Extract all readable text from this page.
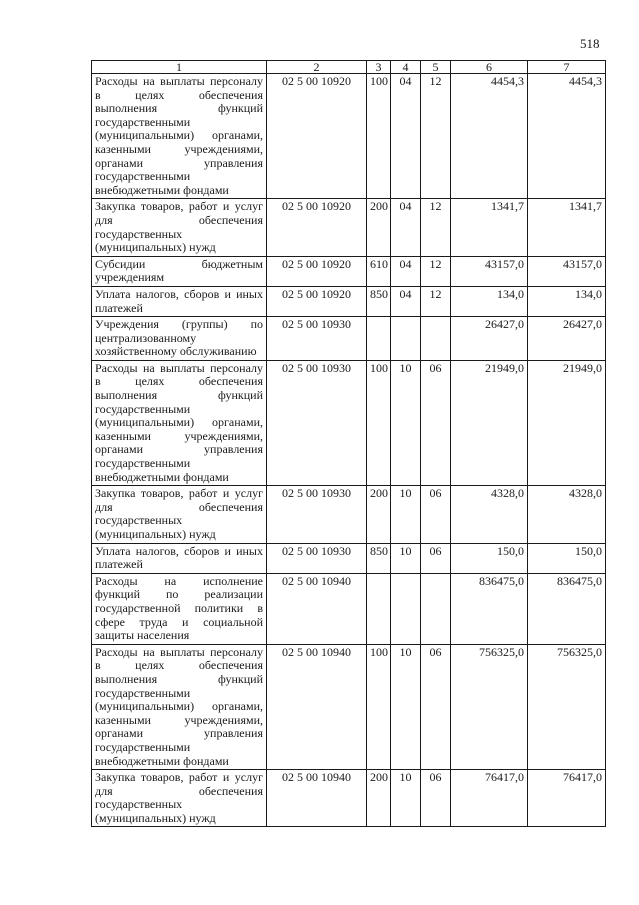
518
1	2	3	4	5	6	7
Расходы на выплаты персоналу в целях обеспечения выполнения функций государственными (муниципальными) органами, казенными учреждениями, органами управления государственными внебюджетными фондами	02 5 00 10920	100	04	12	4454,3	4454,3
Закупка товаров, работ и услуг для обеспечения государственных (муниципальных) нужд	02 5 00 10920	200	04	12	1341,7	1341,7
Субсидии бюджетным учреждениям	02 5 00 10920	610	04	12	43157,0	43157,0
Уплата налогов, сборов и иных платежей	02 5 00 10920	850	04	12	134,0	134,0
Учреждения (группы) по централизованному хозяйственному обслуживанию	02 5 00 10930				26427,0	26427,0
Расходы на выплаты персоналу в целях обеспечения выполнения функций государственными (муниципальными) органами, казенными учреждениями, органами управления государственными внебюджетными фондами	02 5 00 10930	100	10	06	21949,0	21949,0
Закупка товаров, работ и услуг для обеспечения государственных (муниципальных) нужд	02 5 00 10930	200	10	06	4328,0	4328,0
Уплата налогов, сборов и иных платежей	02 5 00 10930	850	10	06	150,0	150,0
Расходы на исполнение функций по реализации государственной политики в сфере труда и социальной защиты населения	02 5 00 10940				836475,0	836475,0
Расходы на выплаты персоналу в целях обеспечения выполнения функций государственными (муниципальными) органами, казенными учреждениями, органами управления государственными внебюджетными фондами	02 5 00 10940	100	10	06	756325,0	756325,0
Закупка товаров, работ и услуг для обеспечения государственных (муниципальных) нужд	02 5 00 10940	200	10	06	76417,0	76417,0
